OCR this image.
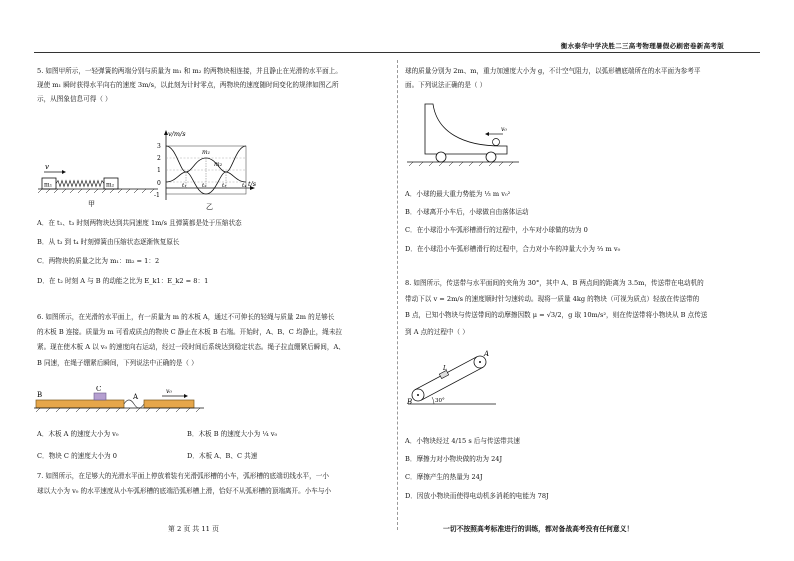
衡水泰华中学决胜二三高考物理暑假必刷密卷新高考版

5. 如图甲所示，一轻弹簧的两端分别与质量为 m₁ 和 m₂ 的两物块相连接，并且静止在光滑的水平面上。

现使 m₁ 瞬时获得水平向右的速度 3m/s，以此刻为计时零点，两物块的速度随时间变化的规律如图乙所

示，从图象信息可得（ ）

v
m₁	m₂
甲
v/m/s
t/s
3
2
1
0
-1
m₁
m₂
t₁	t₂	t₃	t₄
乙

A．在 t₁、t₃ 时刻两物块达到共同速度 1m/s 且弹簧都是处于压缩状态

B．从 t₃ 到 t₄ 时刻弹簧由压缩状态逐渐恢复原长

C．两物块的质量之比为 m₁：m₂ = 1：2

D．在 t₂ 时刻 A 与 B 的动能之比为 E_k1：E_k2 = 8：1

6. 如图所示，在光滑的水平面上，有一质量为 m 的木板 A，通过不可伸长的轻绳与质量 2m 的足够长

的木板 B 连接。质量为 m 可看成质点的物块 C 静止在木板 B 右端。开始时，A、B、C 均静止，绳未拉

紧。现在使木板 A 以 v₀ 的速度向右运动，经过一段时间后系统达到稳定状态。绳子拉直绷紧后瞬间，A、

B 同速，在绳子绷紧后瞬间，下列说法中正确的是（ ）

B
C
A
v₀
A．木板 A 的速度大小为 v₀	B．木板 B 的速度大小为 ¼ v₀
C．物块 C 的速度大小为 0	D．木板 A、B、C 共速

7. 如图所示，在足够大的光滑水平面上停放着装有光滑弧形槽的小车，弧形槽的底端切线水平，一小

球以大小为 v₀ 的水平速度从小车弧形槽的底端沿弧形槽上滑，恰好不从弧形槽的顶端离开。小车与小

球的质量分别为 2m、m，重力加速度大小为 g，不计空气阻力，以弧形槽底端所在的水平面为参考平

面。下列说法正确的是（ ）

v₀

A．小球的最大重力势能为 ⅓ m v₀²

B．小球离开小车后，小球做自由落体运动

C．在小球沿小车弧形槽滑行的过程中，小车对小球做的功为 0

D．在小球沿小车弧形槽滑行的过程中，合力对小车的冲量大小为 ⅔ m v₀

8. 如图所示，传送带与水平面间的夹角为 30°，其中 A、B 两点间的距离为 3.5m，传送带在电动机的

带动下以 v = 2m/s 的速度顺时针匀速转动。现将一质量 4kg 的物块（可视为质点）轻放在传送带的

B 点，已知小物块与传送带间的动摩擦因数 μ = √3/2，g 取 10m/s²，则在传送带将小物块从 B 点传送

到 A 点的过程中（ ）

L
A
B	30°

A．小物块经过 4/15 s 后与传送带共速

B．摩擦力对小物块做的功为 24J

C．摩擦产生的热量为 24J

D．因放小物块而使得电动机多消耗的电能为 78J

第 2 页 共 11 页	一切不按照高考标准进行的训练，都对备战高考没有任何意义！
